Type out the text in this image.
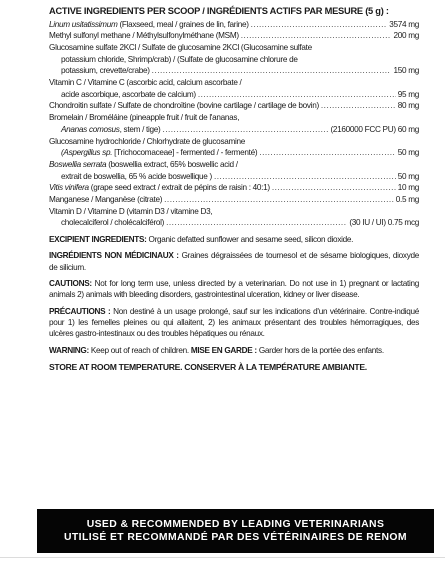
ACTIVE INGREDIENTS PER SCOOP / INGRÉDIENTS ACTIFS PAR MESURE (5 g) :
Linum usitatissimum (Flaxseed, meal / graines de lin, farine) .....	3574 mg
Methyl sulfonyl methane / Méthylsulfonylméthane (MSM) .....	200 mg
Glucosamine sulfate 2KCl / Sulfate de glucosamine 2KCl (Glucosamine sulfate
potassium chloride, Shrimp/crab) / (Sulfate de glucosamine chlorure de
potassium, crevette/crabe) .....	150 mg
Vitamin C / Vitamine C (ascorbic acid, calcium ascorbate /
acide ascorbique, ascorbate de calcium) .....	95 mg
Chondroitin sulfate / Sulfate de chondroïtine (bovine cartilage / cartilage de bovin) .....	80 mg
Bromelain / Broméláine (pineapple fruit / fruit de l'ananas,
Ananas comosus, stem / tige) .....	(2160000 FCC PU) 60 mg
Glucosamine hydrochloride / Chlorhydrate de glucosamine
(Aspergillus sp. [Trichocomaceae] - fermented / - fermenté) .....	50 mg
Boswellia serrata (boswellia extract, 65% boswellic acid /
extrait de boswellia, 65 % acide boswellique ) .....	50 mg
Vitis vinifera (grape seed extract / extrait de pépins de raisin : 40:1) .....	10 mg
Manganese / Manganèse (citrate) .....	0.5 mg
Vitamin D / Vitamine D (vitamin D3 / vitamine D3,
cholecalciferol / cholécalciférol) .....	(30 IU / UI) 0.75 mcg
EXCIPIENT INGREDIENTS: Organic defatted sunflower and sesame seed, silicon dioxide.
INGRÉDIENTS NON MÉDICINAUX : Graines dégraissées de tournesol et de sésame biologiques, dioxyde de silicium.
CAUTIONS: Not for long term use, unless directed by a veterinarian. Do not use in 1) pregnant or lactating animals 2) animals with bleeding disorders, gastrointestinal ulceration, kidney or liver disease.
PRÉCAUTIONS : Non destiné à un usage prolongé, sauf sur les indications d'un vétérinaire. Contre-indiqué pour 1) les femelles pleines ou qui allaitent, 2) les animaux présentant des troubles hémorragiques, des ulcères gastro-intestinaux ou des troubles hépatiques ou rénaux.
WARNING: Keep out of reach of children. MISE EN GARDE : Garder hors de la portée des enfants.
STORE AT ROOM TEMPERATURE. CONSERVER À LA TEMPÉRATURE AMBIANTE.
USED & RECOMMENDED BY LEADING VETERINARIANS
UTILISÉ ET RECOMMANDÉ PAR DES VÉTÉRINAIRES DE RENOM
